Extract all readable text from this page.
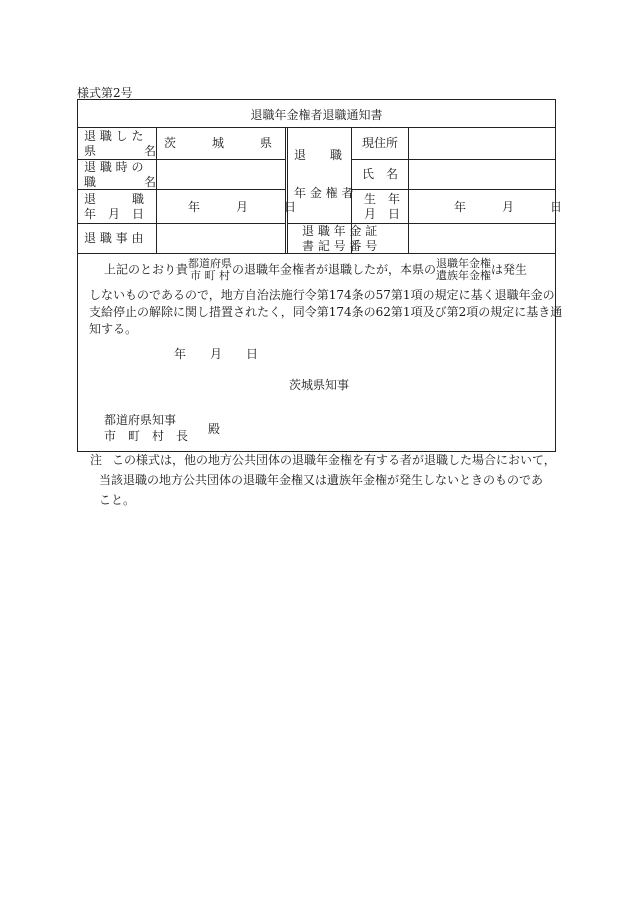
様式第2号
退職年金権者退職通知書
退 職 し た
県　　　　名
茨　　　城　　　県
退 職 時 の
職　　　　名
退　　　職
年　月　日	年　　　月　　　日
退 職 事 由
退　　職
年 金 権 者
現住所
氏　名
生　年
月　日	年　　　月　　　日
退 職 年 金 証
書 記 号 番 号
上記のとおり貴 都道府県
市 町 村 の退職年金権者が退職したが，本県の 退職年金権
遺族年金権 は発生
しないものであるので，地方自治法施行令第174条の57第1項の規定に基く退職年金の
支給停止の解除に関し措置されたく，同令第174条の62第1項及び第2項の規定に基き通
知する。
年　　月　　日
茨城県知事
都道府県知事
市　町　村　長 殿
注 この様式は，他の地方公共団体の退職年金権を有する者が退職した場合において，
当該退職の地方公共団体の退職年金権又は遺族年金権が発生しないときのものであ
こと。
